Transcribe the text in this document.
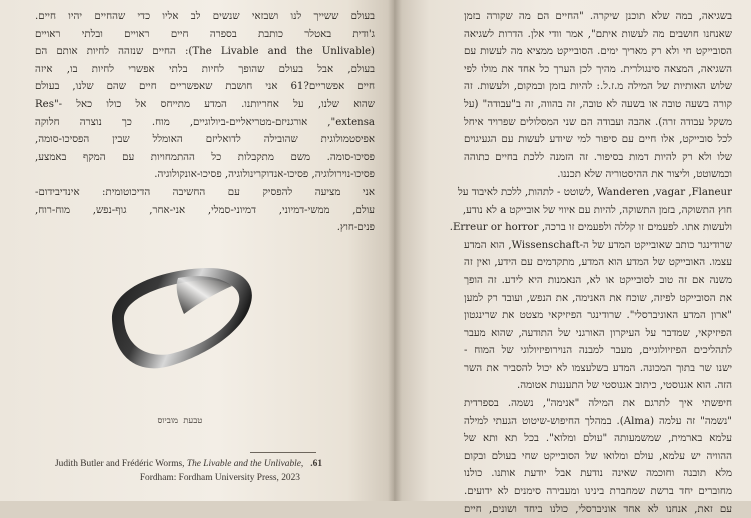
בעולם ששייך לנו ושבזאי שנשים לב אליו כדי שהחיים יהיו חיים.
ג'ודית באטלר כותבת בספרה חיים ראויים ובלתי ראויים
(The Livable and the Unlivable): החיים שנזהה לחיות אותם הם
בעולם, אבל בעולם שהופך לחיות בלתי אפשרי לחיות בו, איזה
חיים אפשריים?61 אני חושבת שאפשריים חיים שהם שלנו, בעולם
שהוא שלנו, על אחריותנו. המדע מתייחס אל כולו כאל -"Res
extensa", אורגניזם-מטריאליים-ביולוגיים, מוח. כך נוצרה חלוקה
אפיסטמולוגית שהובילה לדואליזם האומלל שבין הפסיכו-סומה,
פסיכו-סומה. משם מתקבלות כל ההתמחויות עם המקף באמצע,
פסיכו-נוירולוגיה, פסיכו-אנדוקרינולוגיה, פסיכו-אונקולוגיה.
אני מציעה להפסיק עם החשיבה הדיכוטומית: אינדיבידום-
עולם, ממשי-דמיוני, דמיוני-סמלי, אני-אחר, גוף-נפש, מוח-רוח,
פנים-חוץ.
טבעת מוביוס
Judith Butler and Frédéric Worms, The Livable and the Unlivable, .61
Fordham: Fordham University Press, 2023
בשגיאה, במה שלא תוכנן שיקרה. "החיים הם מה שקורה בזמן
שאנחנו חושבים מה לעשות איתם", אמר וודי אלן. הדרות לשגיאה
הסובייקט חי ולא רק מאריך ימים. הסובייקט ממציא מה לעשות עם
השגיאה, המצאה סינגולרית. מהיך לכן הערך כל אחד את מולו לפי
שלוש האותיות של המילה מ.ז.ל.: להיות בזמן ובמקום, ולעשות. זה
קורה בשעה טובה או בשעה לא טובה, זה בהווה, זה ב"עבודה" (על
משקל עבודה זרה). אהבה ועבודה הם שני המסלולים שפרויד איחל
לכל סובייקט, אלו חיים עם סיפור למי שיודע לעשות עם הגעיגוים
שלו ולא רק להיות דמות בסיפור. זה הזמנה ללכת בחיים כתוהה
וכמשוטט, וליצור את ההיסטוריה שלא תכננו.
Wanderen ,vagar ,Flaneur ,לשוטט - לתהות, ללכת לאיבוד על
חוץ התשוקה, בזמן התשוקה, להיות עם איווי של אובייקט a לא נודע,
ולעשות אתו. לפעמים זו קללה ולפעמים זו ברכה, Erreur or horror.
שרודינגר כותב שאובייקט המדע של ה-Wissenschaft, הוא המדע
עצמו. האובייקט של המדע הוא המדע, מתקדמים עם הידע, ואין זה
משנה אם זה טוב לסובייקט או לא, הנאמנות היא לידע. זה הופך
את הסובייקט לפיזה, שוכח את האנימה, את הנפש, ועובד רק למען
"ארון המדע האוניברסלי". שרודינגר הפיזיקאי מצטט את שרינגטון
הפיזיקאי, שמדבר על העיקרון האורגני של התודעה, שהוא מעבר
לתהליכים הפיזיולוגיים, מעבר למבנה הנוירופיזיולוגי של המוח -
ישנו שר בתוך המכונה. המדע בשלעצמו לא יכול להסביר את השר
הזה. הוא אגנוסטי, כיתוב אגנוסטי של התעננות אטומה.
חיפשתי איך לתרגם את המילה "אנימה", נשמה. בספרדית
"נשמה" זה עלמה (Alma). במהלך החיפוש-שיטוט הגעתי למילה
עלמא בארמית, שמשמעותה "עולם ומלוא". בכל תא ותא של
ההוויה יש עלמא, עולם ומלואו של הסובייקט שחי בעולם ובקום
מלא תובנה וחוכמה שאינה נודעת אבל יודעת אותנו. כולנו
מחוברים יחד ברשת שמחברת בינינו ומעבירה סימנים לא ידועים.
עם זאת, אנחנו לא אחד אוניברסלי, כולנו ביחד ושונים, חיים
